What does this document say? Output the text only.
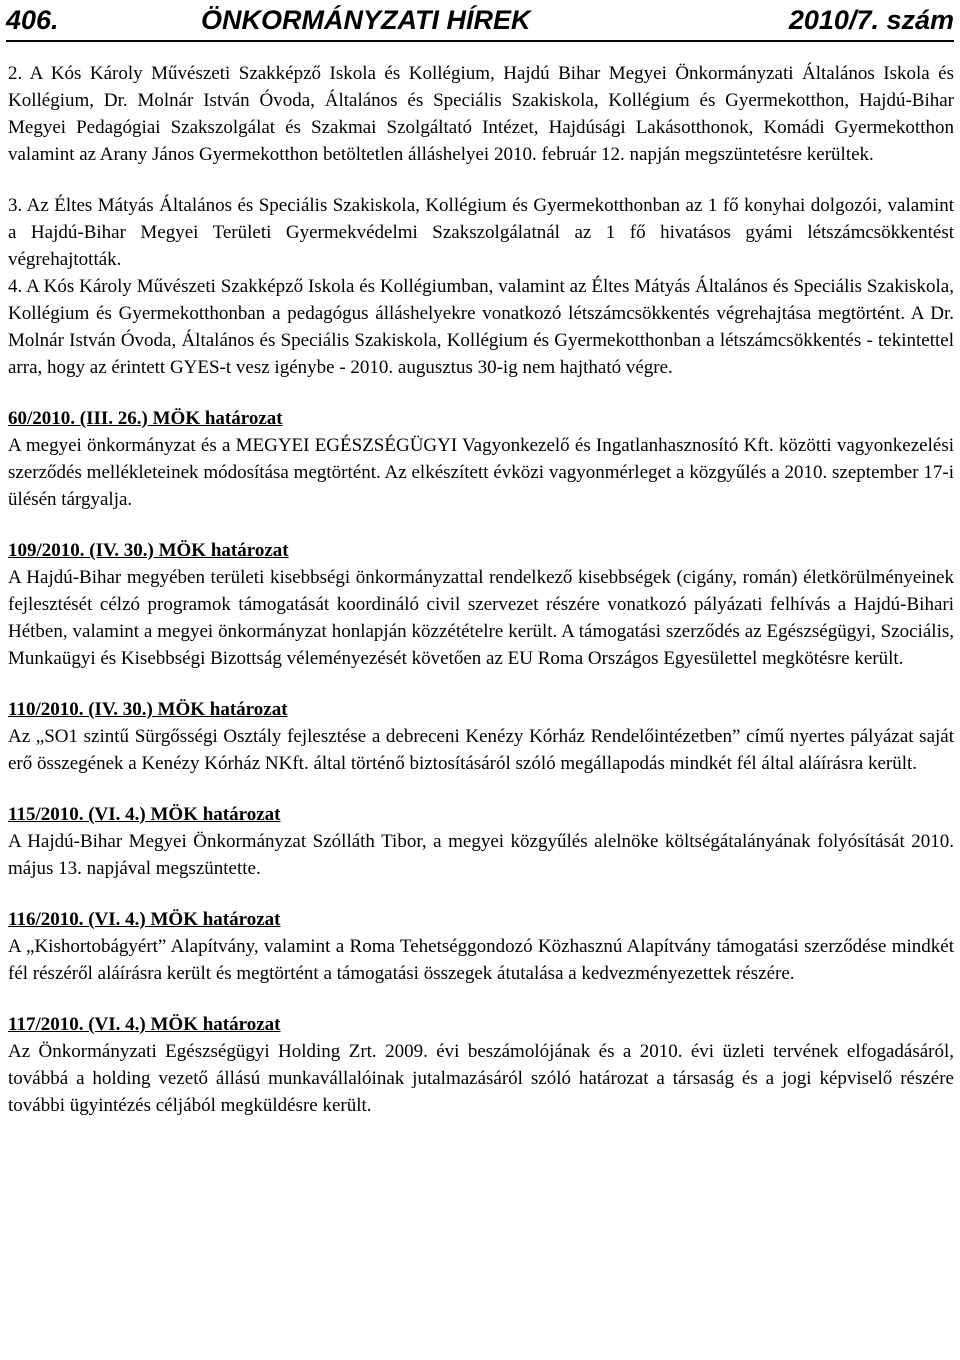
406.	ÖNKORMÁNYZATI HÍREK	2010/7. szám

2. A Kós Károly Művészeti Szakképző Iskola és Kollégium, Hajdú Bihar Megyei Önkormányzati Általános Iskola és Kollégium, Dr. Molnár István Óvoda, Általános és Speciális Szakiskola, Kollégium és Gyermekotthon, Hajdú-Bihar Megyei Pedagógiai Szakszolgálat és Szakmai Szolgáltató Intézet, Hajdúsági Lakásotthonok, Komádi Gyermekotthon valamint az Arany János Gyermekotthon betöltetlen álláshelyei 2010. február 12. napján megszüntetésre kerültek.

3. Az Éltes Mátyás Általános és Speciális Szakiskola, Kollégium és Gyermekotthonban az 1 fő konyhai dolgozói, valamint a Hajdú-Bihar Megyei Területi Gyermekvédelmi Szakszolgálatnál az 1 fő hivatásos gyámi létszámcsökkentést végrehajtották.

4. A Kós Károly Művészeti Szakképző Iskola és Kollégiumban, valamint az Éltes Mátyás Általános és Speciális Szakiskola, Kollégium és Gyermekotthonban a pedagógus álláshelyekre vonatkozó létszámcsökkentés végrehajtása megtörtént. A Dr. Molnár István Óvoda, Általános és Speciális Szakiskola, Kollégium és Gyermekotthonban a létszámcsökkentés - tekintettel arra, hogy az érintett GYES-t vesz igénybe - 2010. augusztus 30-ig nem hajtható végre.

60/2010. (III. 26.) MÖK határozat

A megyei önkormányzat és a MEGYEI EGÉSZSÉGÜGYI Vagyonkezelő és Ingatlanhasznosító Kft. közötti vagyonkezelési szerződés mellékleteinek módosítása megtörtént. Az elkészített évközi vagyonmérleget a közgyűlés a 2010. szeptember 17-i ülésén tárgyalja.

109/2010. (IV. 30.) MÖK határozat

A Hajdú-Bihar megyében területi kisebbségi önkormányzattal rendelkező kisebbségek (cigány, román) életkörülményeinek fejlesztését célzó programok támogatását koordináló civil szervezet részére vonatkozó pályázati felhívás a Hajdú-Bihari Hétben, valamint a megyei önkormányzat honlapján közzétételre került. A támogatási szerződés az Egészségügyi, Szociális, Munkaügyi és Kisebbségi Bizottság véleményezését követően az EU Roma Országos Egyesülettel megkötésre került.

110/2010. (IV. 30.) MÖK határozat

Az „SO1 szintű Sürgősségi Osztály fejlesztése a debreceni Kenézy Kórház Rendelőintézetben” című nyertes pályázat saját erő összegének a Kenézy Kórház NKft. által történő biztosításáról szóló megállapodás mindkét fél által aláírásra került.

115/2010. (VI. 4.) MÖK határozat

A Hajdú-Bihar Megyei Önkormányzat Szólláth Tibor, a megyei közgyűlés alelnöke költségátalányának folyósítását 2010. május 13. napjával megszüntette.

116/2010. (VI. 4.) MÖK határozat

A „Kishortobágyért” Alapítvány, valamint a Roma Tehetséggondozó Közhasznú Alapítvány támogatási szerződése mindkét fél részéről aláírásra került és megtörtént a támogatási összegek átutalása a kedvezményezettek részére.

117/2010. (VI. 4.) MÖK határozat

Az Önkormányzati Egészségügyi Holding Zrt. 2009. évi beszámolójának és a 2010. évi üzleti tervének elfogadásáról, továbbá a holding vezető állású munkavállalóinak jutalmazásáról szóló határozat a társaság és a jogi képviselő részére további ügyintézés céljából megküldésre került.
